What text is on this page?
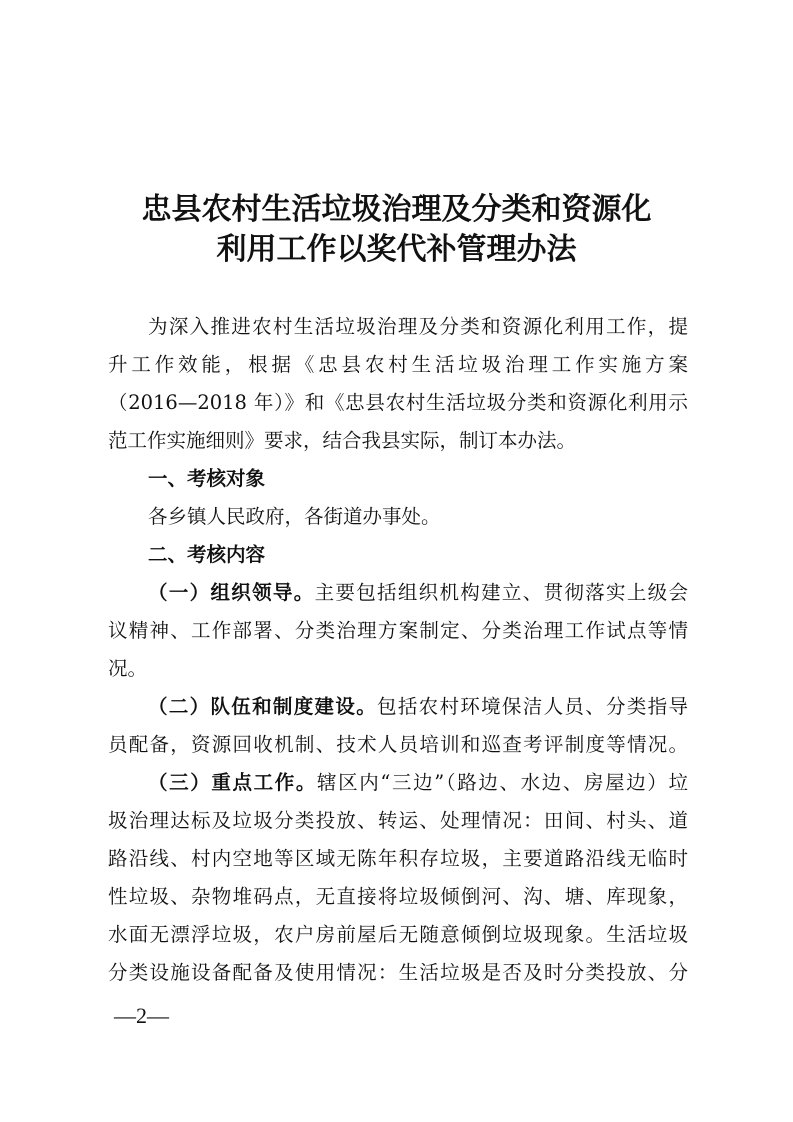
忠县农村生活垃圾治理及分类和资源化
利用工作以奖代补管理办法
为深入推进农村生活垃圾治理及分类和资源化利用工作，提
升工作效能，根据《忠县农村生活垃圾治理工作实施方案
（2016—2018 年）》和《忠县农村生活垃圾分类和资源化利用示
范工作实施细则》要求，结合我县实际，制订本办法。
一、考核对象
各乡镇人民政府，各街道办事处。
二、考核内容
（一）组织领导。主要包括组织机构建立、贯彻落实上级会
议精神、工作部署、分类治理方案制定、分类治理工作试点等情
况。
（二）队伍和制度建设。包括农村环境保洁人员、分类指导
员配备，资源回收机制、技术人员培训和巡查考评制度等情况。
（三）重点工作。辖区内“三边”（路边、水边、房屋边）垃
圾治理达标及垃圾分类投放、转运、处理情况：田间、村头、道
路沿线、村内空地等区域无陈年积存垃圾，主要道路沿线无临时
性垃圾、杂物堆码点，无直接将垃圾倾倒河、沟、塘、库现象，
水面无漂浮垃圾，农户房前屋后无随意倾倒垃圾现象。生活垃圾
分类设施设备配备及使用情况：生活垃圾是否及时分类投放、分
—2—
